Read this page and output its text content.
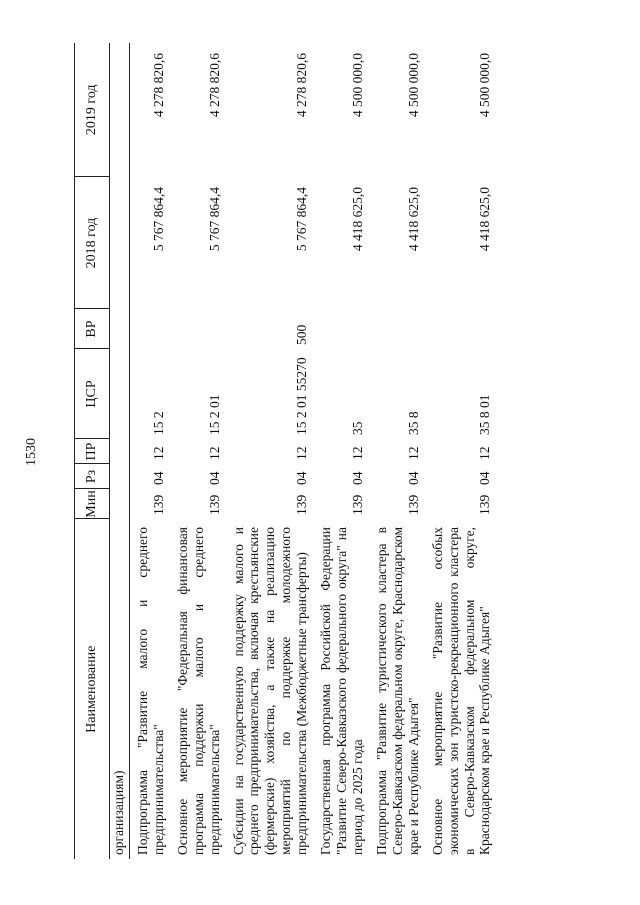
1530
Наименование	Мин	Рз	ПР	ЦСР	ВР	2018 год	2019 год
организациям)							
Подпрограмма "Развитие малого и среднего предпринимательства"	139	04	12	15 2		5 767 864,4	4 278 820,6
Основное мероприятие "Федеральная финансовая программа поддержки малого и среднего предпринимательства"	139	04	12	15 2 01		5 767 864,4	4 278 820,6
Субсидии на государственную поддержку малого и среднего предпринимательства, включая крестьянские (фермерские) хозяйства, а также на реализацию мероприятий по поддержке молодежного предпринимательства (Межбюджетные трансферты)	139	04	12	15 2 01 55270	500	5 767 864,4	4 278 820,6
Государственная программа Российской Федерации "Развитие Северо-Кавказского федерального округа" на период до 2025 года	139	04	12	35		4 418 625,0	4 500 000,0
Подпрограмма "Развитие туристического кластера в Северо-Кавказском федеральном округе, Краснодарском крае и Республике Адыгея"	139	04	12	35 8		4 418 625,0	4 500 000,0
Основное мероприятие "Развитие особых экономических зон туристско-рекреационного кластера в Северо-Кавказском федеральном округе, Краснодарском крае и Республике Адыгея"	139	04	12	35 8 01		4 418 625,0	4 500 000,0
